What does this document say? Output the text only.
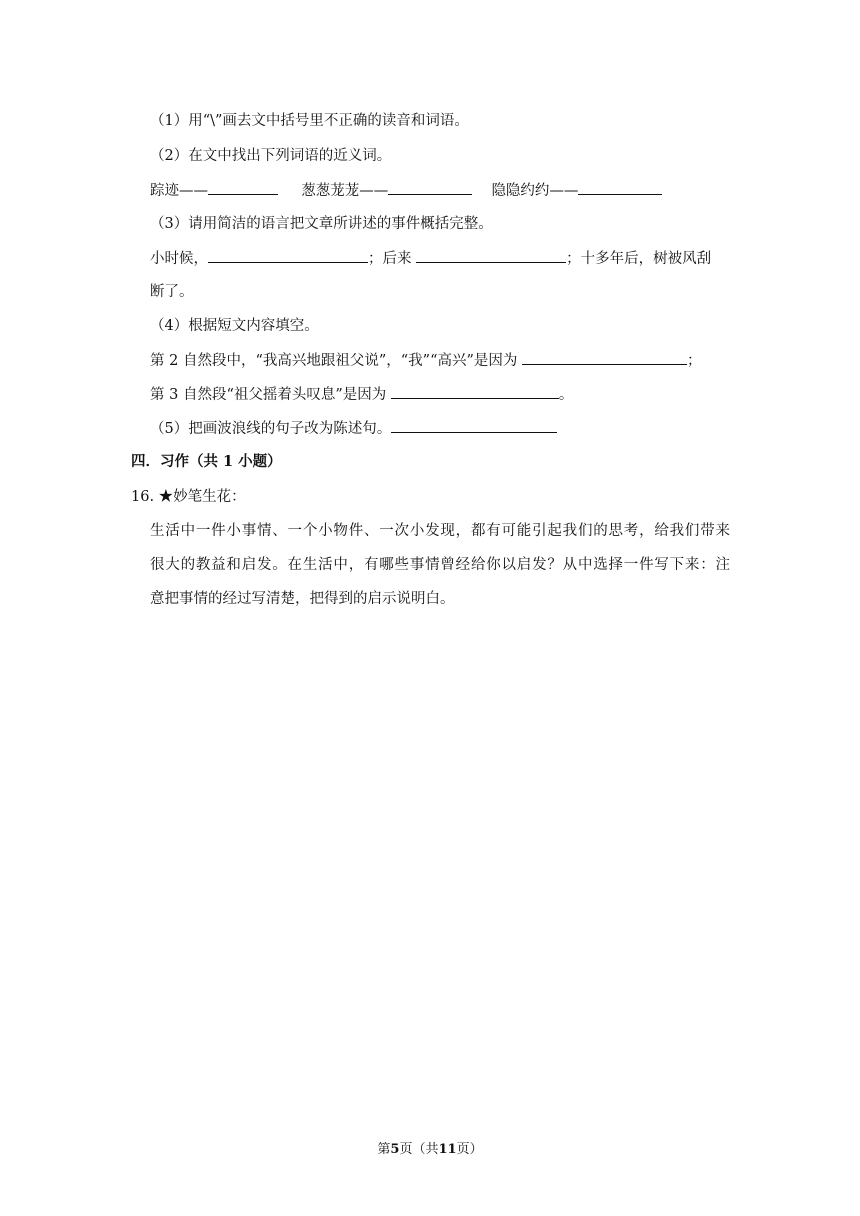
（1）用“\”画去文中括号里不正确的读音和词语。
（2）在文中找出下列词语的近义词。
踪迹——	葱葱茏茏——	隐隐约约——
（3）请用简洁的语言把文章所讲述的事件概括完整。
小时候，	；后来	；十多年后，树被风刮
断了。
（4）根据短文内容填空。
第 2 自然段中，“我高兴地跟祖父说”，“我”“高兴”是因为	；
第 3 自然段“祖父摇着头叹息”是因为	。
（5）把画波浪线的句子改为陈述句。
四．习作（共 1 小题）
16. ★妙笔生花：
生活中一件小事情、一个小物件、一次小发现，都有可能引起我们的思考，给我们带来
很大的教益和启发。在生活中，有哪些事情曾经给你以启发？从中选择一件写下来：注
意把事情的经过写清楚，把得到的启示说明白。
第5页（共11页）
